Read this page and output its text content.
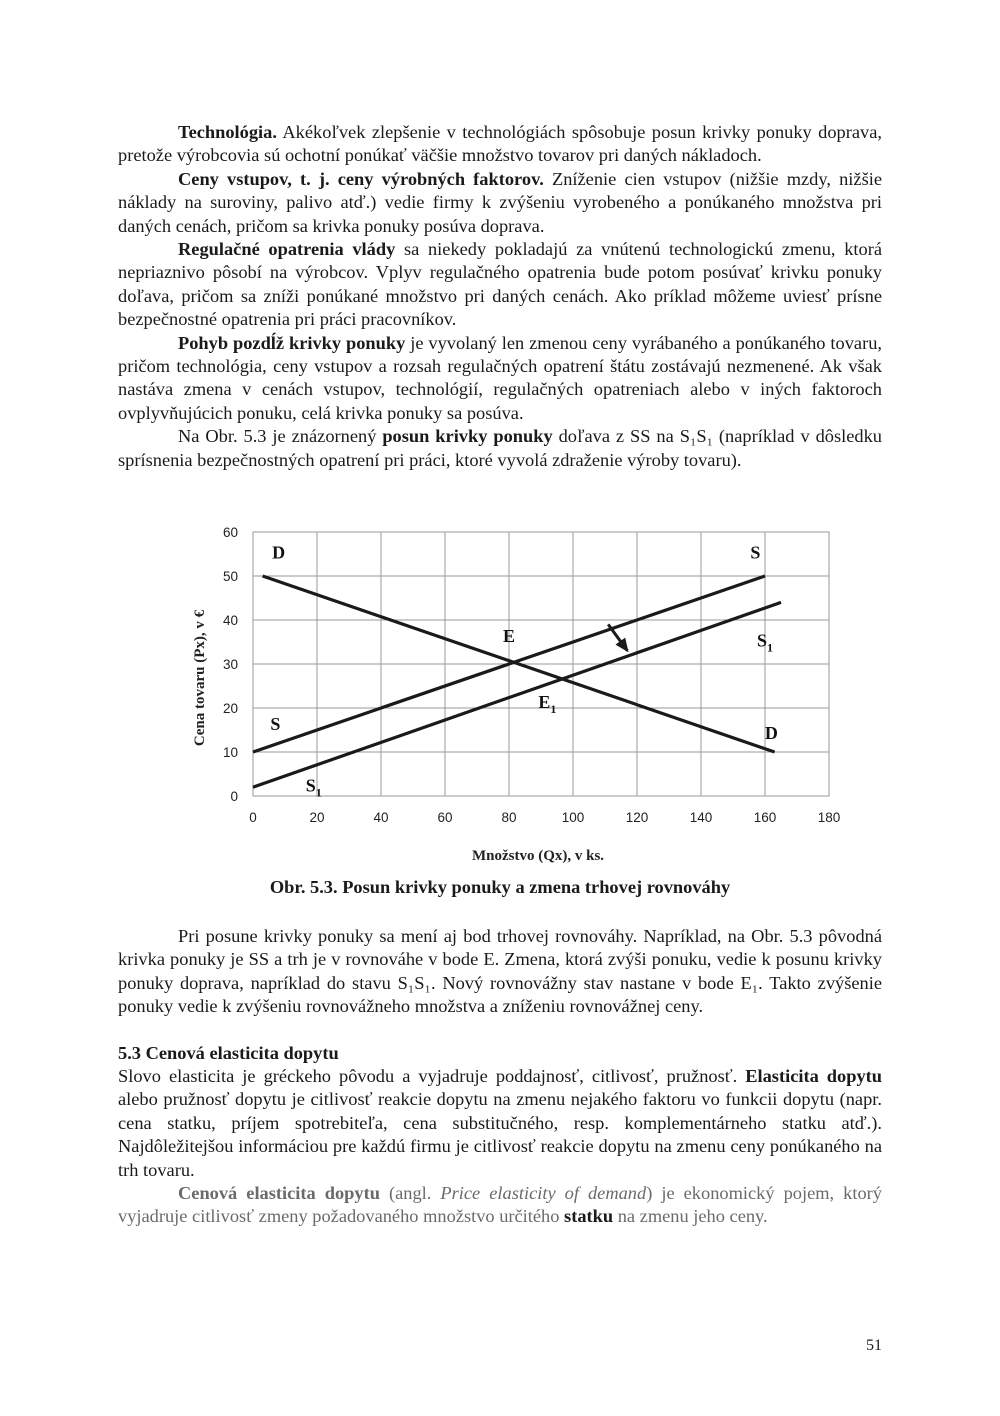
Technológia. Akékoľvek zlepšenie v technológiách spôsobuje posun krivky ponuky doprava, pretože výrobcovia sú ochotní ponúkať väčšie množstvo tovarov pri daných nákladoch.

Ceny vstupov, t. j. ceny výrobných faktorov. Zníženie cien vstupov (nižšie mzdy, nižšie náklady na suroviny, palivo atď.) vedie firmy k zvýšeniu vyrobeného a ponúkaného množstva pri daných cenách, pričom sa krivka ponuky posúva doprava.

Regulačné opatrenia vlády sa niekedy pokladajú za vnútenú technologickú zmenu, ktorá nepriaznivo pôsobí na výrobcov. Vplyv regulačného opatrenia bude potom posúvať krivku ponuky doľava, pričom sa zníži ponúkané množstvo pri daných cenách. Ako príklad môžeme uviesť prísne bezpečnostné opatrenia pri práci pracovníkov.

Pohyb pozdĺž krivky ponuky je vyvolaný len zmenou ceny vyrábaného a ponúkaného tovaru, pričom technológia, ceny vstupov a rozsah regulačných opatrení štátu zostávajú nezmenené. Ak však nastáva zmena v cenách vstupov, technológií, regulačných opatreniach alebo v iných faktoroch ovplyvňujúcich ponuku, celá krivka ponuky sa posúva.

Na Obr. 5.3 je znázornený posun krivky ponuky doľava z SS na S₁S₁ (napríklad v dôsledku sprísnenia bezpečnostných opatrení pri práci, ktoré vyvolá zdraženie výroby tovaru).

0	20	40	60	80	100	120	140	160	180
0
10
20
30
40
50
60
D	S
E	$S_1$
S
$E_1$
D
$S_1$
Cena tovaru (Px), v €
Množstvo (Qx), v ks.
Obr. 5.3. Posun krivky ponuky a zmena trhovej rovnováhy

Pri posune krivky ponuky sa mení aj bod trhovej rovnováhy. Napríklad, na Obr. 5.3 pôvodná krivka ponuky je SS a trh je v rovnováhe v bode E. Zmena, ktorá zvýši ponuku, vedie k posunu krivky ponuky doprava, napríklad do stavu S₁S₁. Nový rovnovážny stav nastane v bode E₁. Takto zvýšenie ponuky vedie k zvýšeniu rovnovážneho množstva a zníženiu rovnovážnej ceny.

5.3 Cenová elasticita dopytu

Slovo elasticita je gréckeho pôvodu a vyjadruje poddajnosť, citlivosť, pružnosť. Elasticita dopytu alebo pružnosť dopytu je citlivosť reakcie dopytu na zmenu nejakého faktoru vo funkcii dopytu (napr. cena statku, príjem spotrebiteľa, cena substitučného, resp. komplementárneho statku atď.). Najdôležitejšou informáciou pre každú firmu je citlivosť reakcie dopytu na zmenu ceny ponúkaného na trh tovaru.

Cenová elasticita dopytu (angl. Price elasticity of demand) je ekonomický pojem, ktorý vyjadruje citlivosť zmeny požadovaného množstvo určitého statku na zmenu jeho ceny.

51
